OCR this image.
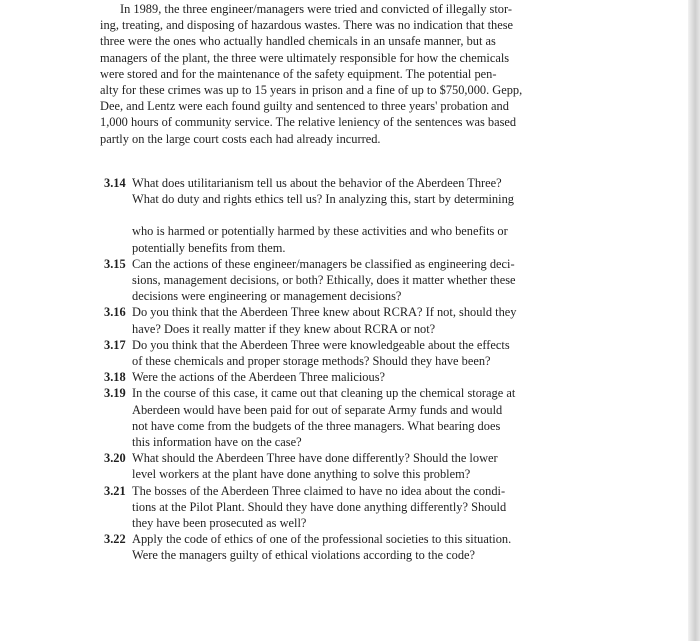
In 1989, the three engineer/managers were tried and convicted of illegally stor-
ing, treating, and disposing of hazardous wastes. There was no indication that these
three were the ones who actually handled chemicals in an unsafe manner, but as
managers of the plant, the three were ultimately responsible for how the chemicals
were stored and for the maintenance of the safety equipment. The potential pen-
alty for these crimes was up to 15 years in prison and a fine of up to $750,000. Gepp,
Dee, and Lentz were each found guilty and sentenced to three years' probation and
1,000 hours of community service. The relative leniency of the sentences was based
partly on the large court costs each had already incurred.
3.14 What does utilitarianism tell us about the behavior of the Aberdeen Three?
What do duty and rights ethics tell us? In analyzing this, start by determining
who is harmed or potentially harmed by these activities and who benefits or
potentially benefits from them.
3.15 Can the actions of these engineer/managers be classified as engineering deci-
sions, management decisions, or both? Ethically, does it matter whether these
decisions were engineering or management decisions?
3.16 Do you think that the Aberdeen Three knew about RCRA? If not, should they
have? Does it really matter if they knew about RCRA or not?
3.17 Do you think that the Aberdeen Three were knowledgeable about the effects
of these chemicals and proper storage methods? Should they have been?
3.18 Were the actions of the Aberdeen Three malicious?
3.19 In the course of this case, it came out that cleaning up the chemical storage at
Aberdeen would have been paid for out of separate Army funds and would
not have come from the budgets of the three managers. What bearing does
this information have on the case?
3.20 What should the Aberdeen Three have done differently? Should the lower
level workers at the plant have done anything to solve this problem?
3.21 The bosses of the Aberdeen Three claimed to have no idea about the condi-
tions at the Pilot Plant. Should they have done anything differently? Should
they have been prosecuted as well?
3.22 Apply the code of ethics of one of the professional societies to this situation.
Were the managers guilty of ethical violations according to the code?
